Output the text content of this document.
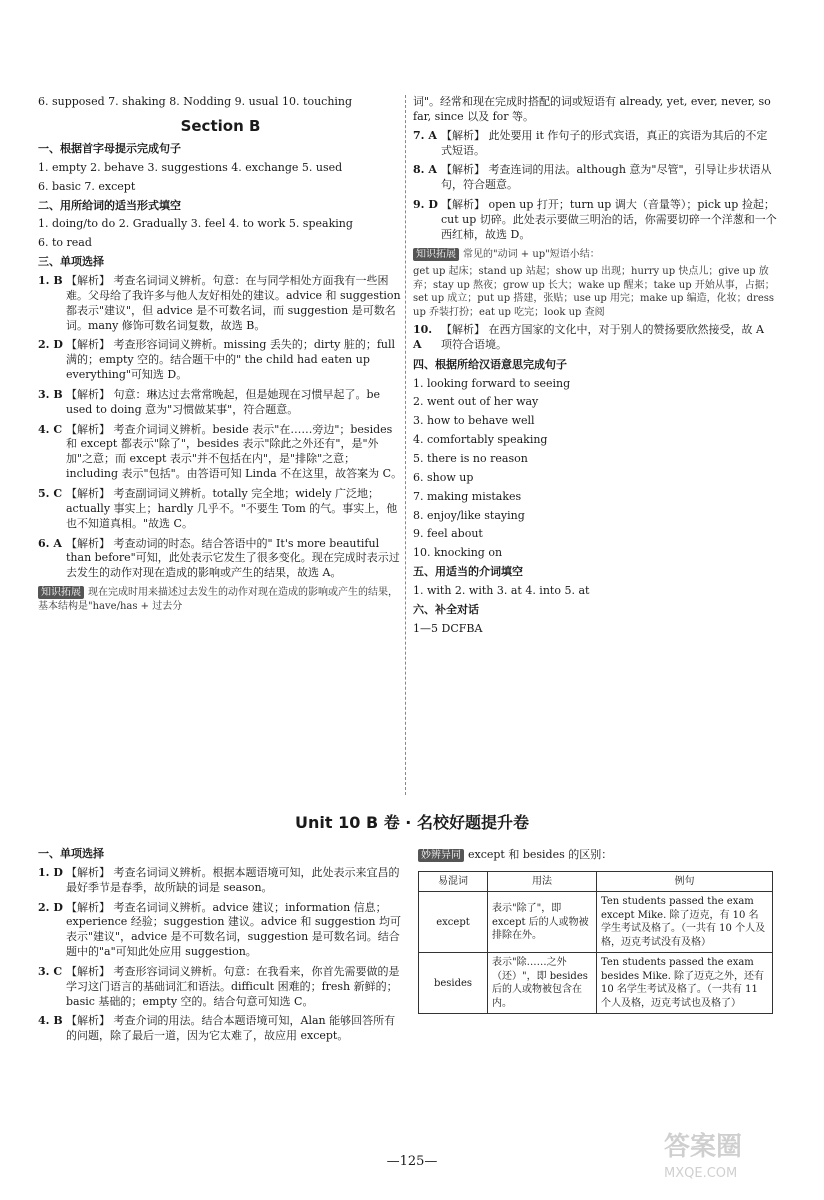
6. supposed 7. shaking 8. Nodding 9. usual 10. touching
Section B
一、根据首字母提示完成句子
1. empty 2. behave 3. suggestions 4. exchange 5. used
6. basic 7. except
二、用所给词的适当形式填空
1. doing/to do 2. Gradually 3. feel 4. to work 5. speaking
6. to read
三、单项选择
1. B 【解析】 考查名词词义辨析。句意：在与同学相处方面我有一些困难。父母给了我许多与他人友好相处的建议。advice 和 suggestion 都表示"建议"，但 advice 是不可数名词，而 suggestion 是可数名词。many 修饰可数名词复数，故选 B。
2. D 【解析】 考查形容词词义辨析。missing 丢失的；dirty 脏的；full 满的；empty 空的。结合题干中的" the child had eaten up everything"可知选 D。
3. B 【解析】 句意：琳达过去常常晚起，但是她现在习惯早起了。be used to doing 意为"习惯做某事"，符合题意。
4. C 【解析】 考查介词词义辨析。beside 表示"在……旁边"；besides 和 except 都表示"除了"，besides 表示"除此之外还有"，是"外加"之意；而 except 表示"并不包括在内"，是"排除"之意；including 表示"包括"。由答语可知 Linda 不在这里，故答案为 C。
5. C 【解析】 考查副词词义辨析。totally 完全地；widely 广泛地；actually 事实上；hardly 几乎不。"不要生 Tom 的气。事实上，他也不知道真相。"故选 C。
6. A 【解析】 考查动词的时态。结合答语中的" It's more beautiful than before"可知，此处表示它发生了很多变化。现在完成时表示过去发生的动作对现在造成的影响或产生的结果，故选 A。
知识拓展 现在完成时用来描述过去发生的动作对现在造成的影响或产生的结果，基本结构是"have/has + 过去分
词"。经常和现在完成时搭配的词或短语有 already, yet, ever, never, so far, since 以及 for 等。
7. A 【解析】 此处要用 it 作句子的形式宾语，真正的宾语为其后的不定式短语。
8. A 【解析】 考查连词的用法。although 意为"尽管"，引导让步状语从句，符合题意。
9. D 【解析】 open up 打开；turn up 调大（音量等）；pick up 捡起；cut up 切碎。此处表示要做三明治的话，你需要切碎一个洋葱和一个西红柿，故选 D。
知识拓展 常见的"动词 + up"短语小结：
get up 起床；stand up 站起；show up 出现；hurry up 快点儿；give up 放弃；stay up 熬夜；grow up 长大；wake up 醒来；take up 开始从事，占据；set up 成立；put up 搭建，张贴；use up 用完；make up 编造，化妆；dress up 乔装打扮；eat up 吃完；look up 查阅
10. A
【解析】 在西方国家的文化中，对于别人的赞扬要欣然接受，故 A 项符合语境。
四、根据所给汉语意思完成句子
1. looking forward to seeing
2. went out of her way
3. how to behave well
4. comfortably speaking
5. there is no reason
6. show up
7. making mistakes
8. enjoy/like staying
9. feel about
10. knocking on
五、用适当的介词填空
1. with 2. with 3. at 4. into 5. at
六、补全对话
1—5 DCFBA
Unit 10 B 卷 · 名校好题提升卷
一、单项选择
1. D 【解析】 考查名词词义辨析。根据本题语境可知，此处表示来宜昌的最好季节是春季，故所缺的词是 season。
2. D 【解析】 考查名词词义辨析。advice 建议；information 信息；experience 经验；suggestion 建议。advice 和 suggestion 均可表示"建议"，advice 是不可数名词，suggestion 是可数名词。结合题中的"a"可知此处应用 suggestion。
3. C 【解析】 考查形容词词义辨析。句意：在我看来，你首先需要做的是学习这门语言的基础词汇和语法。difficult 困难的；fresh 新鲜的；basic 基础的；empty 空的。结合句意可知选 C。
4. B 【解析】 考查介词的用法。结合本题语境可知，Alan 能够回答所有的问题，除了最后一道，因为它太难了，故应用 except。
妙辨异同 except 和 besides 的区别：
易混词	用法	例句
except	表示"除了"，即 except 后的人或物被排除在外。	Ten students passed the exam except Mike. 除了迈克，有 10 名学生考试及格了。（一共有 10 个人及格，迈克考试没有及格）
besides	表示"除……之外（还）"，即 besides 后的人或物被包含在内。	Ten students passed the exam besides Mike. 除了迈克之外，还有 10 名学生考试及格了。（一共有 11 个人及格，迈克考试也及格了）
—125—	答案圈
MXQE.COM
